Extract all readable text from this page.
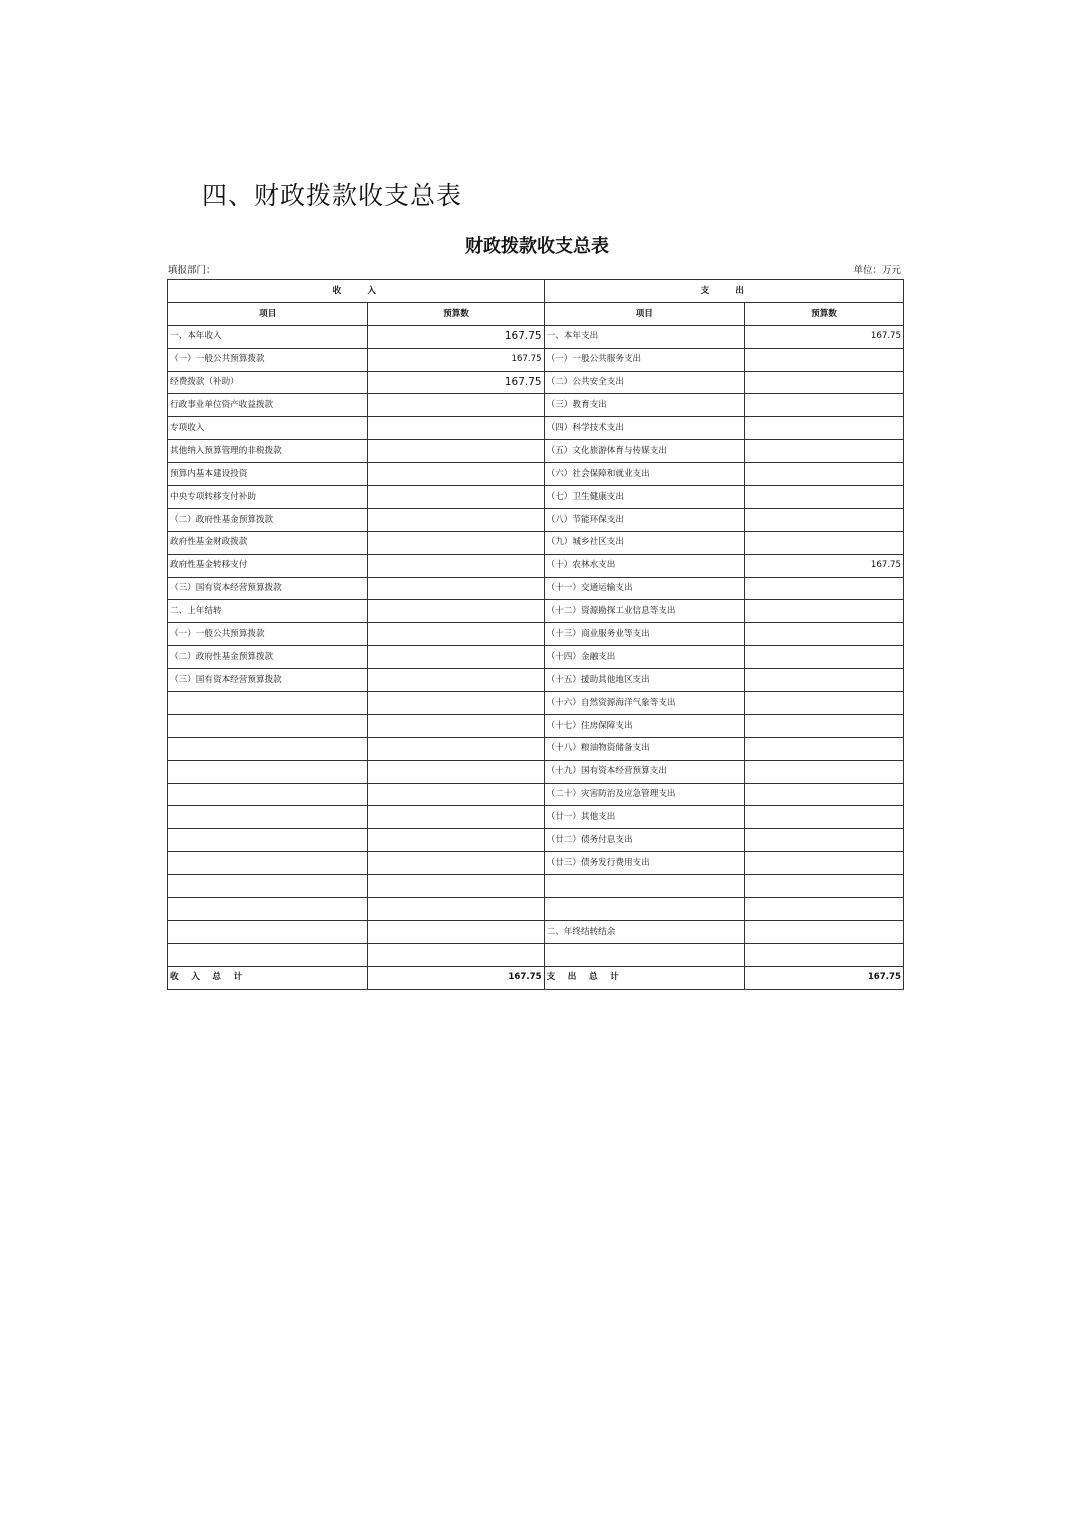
四、财政拨款收支总表
财政拨款收支总表
填报部门：	单位：万元
收　　入		支　　出	
项目	预算数	项目	预算数
一、本年收入	167.75	一、本年支出	167.75
（一）一般公共预算拨款	167.75	（一）一般公共服务支出	
经费拨款（补助）	167.75	（二）公共安全支出	
行政事业单位资产收益拨款		（三）教育支出	
专项收入		（四）科学技术支出	
其他纳入预算管理的非税拨款		（五）文化旅游体育与传媒支出	
预算内基本建设投资		（六）社会保障和就业支出	
中央专项转移支付补助		（七）卫生健康支出	
（二）政府性基金预算拨款		（八）节能环保支出	
政府性基金财政拨款		（九）城乡社区支出	
政府性基金转移支付		（十）农林水支出	167.75
（三）国有资本经营预算拨款		（十一）交通运输支出	
二、上年结转		（十二）资源勘探工业信息等支出	
（一）一般公共预算拨款		（十三）商业服务业等支出	
（二）政府性基金预算拨款		（十四）金融支出	
（三）国有资本经营预算拨款		（十五）援助其他地区支出	
		（十六）自然资源海洋气象等支出	
		（十七）住房保障支出	
		（十八）粮油物资储备支出	
		（十九）国有资本经营预算支出	
		（二十）灾害防治及应急管理支出	
		（廿一）其他支出	
		（廿二）债务付息支出	
		（廿三）债务发行费用支出	

		二、年终结转结余	

收　入　总　计	167.75	支　出　总　计	167.75
